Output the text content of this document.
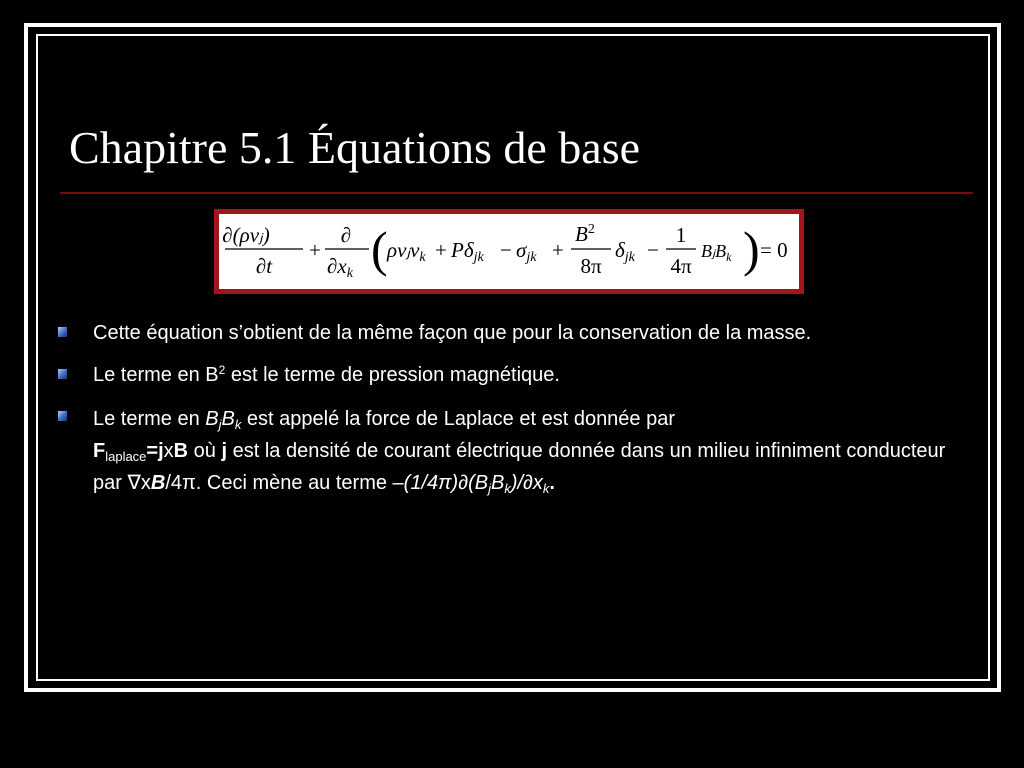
Chapitre 5.1 Équations de base
∂(ρvⱼ)
∂t
+
∂
∂xk ( ρvⱼvk + Pδjk − σjk +
$B^2$
8π
δjk −
1
4π
BⱼB$_k$ ) = 0
Cette équation s’obtient de la même façon que pour la conservation de la masse.
Le terme en $B^2$ est le terme de pression magnétique.
Le terme en $B_jB_k$ est appelé la force de Laplace et est donnée par
$F_{laplace}=jxB$ où j est la densité de courant électrique donnée dans un milieu infiniment conducteur par ∇xB/4π. Ceci mène au terme $-(1/4\pi)\partial(B_jB_k)/\partial x_k$.
